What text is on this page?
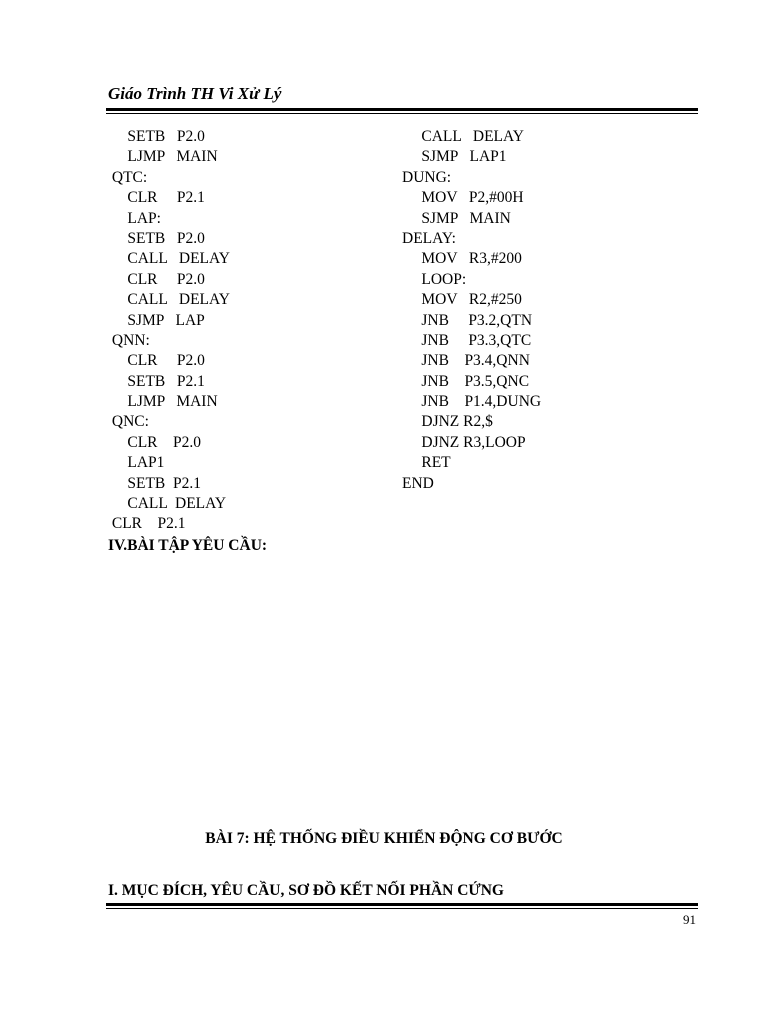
Giáo Trình TH Vi Xử Lý
SETB   P2.0
LJMP   MAIN
QTC:
CLR     P2.1
LAP:
SETB   P2.0
CALL   DELAY
CLR     P2.0
CALL   DELAY
SJMP   LAP
QNN:
CLR     P2.0
SETB   P2.1
LJMP   MAIN
QNC:
CLR    P2.0
LAP1
SETB  P2.1
CALL  DELAY
CLR    P2.1
CALL   DELAY
SJMP   LAP1
DUNG:
MOV   P2,#00H
SJMP   MAIN
DELAY:
MOV   R3,#200
LOOP:
MOV   R2,#250
JNB     P3.2,QTN
JNB     P3.3,QTC
JNB    P3.4,QNN
JNB    P3.5,QNC
JNB    P1.4,DUNG
DJNZ R2,$
DJNZ R3,LOOP
RET
END
IV.BÀI TẬP YÊU CẦU:
BÀI 7: HỆ THỐNG ĐIỀU KHIỂN ĐỘNG CƠ BƯỚC
I. MỤC ĐÍCH, YÊU CẦU, SƠ ĐỒ KẾT NỐI PHẦN CỨNG
91
